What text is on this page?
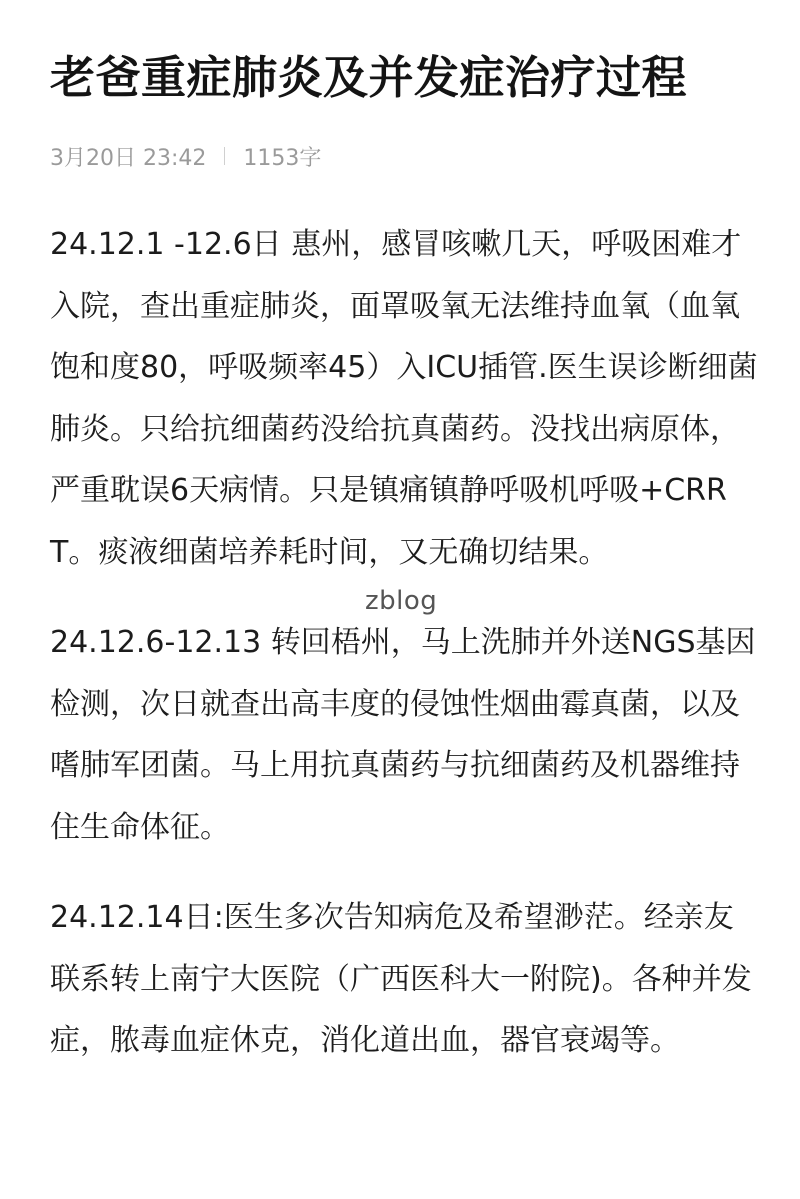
老爸重症肺炎及并发症治疗过程
3月20日 23:42 1153字

24.12.1 -12.6日 惠州，感冒咳嗽几天，呼吸困难才入院，查出重症肺炎，面罩吸氧无法维持血氧（血氧饱和度80，呼吸频率45）入ICU插管.医生误诊断细菌肺炎。只给抗细菌药没给抗真菌药。没找出病原体，严重耽误6天病情。只是镇痛镇静呼吸机呼吸+CRRT。痰液细菌培养耗时间，又无确切结果。

24.12.6-12.13 转回梧州，马上洗肺并外送NGS基因检测，次日就查出高丰度的侵蚀性烟曲霉真菌，以及嗜肺军团菌。马上用抗真菌药与抗细菌药及机器维持住生命体征。

24.12.14日:医生多次告知病危及希望渺茫。经亲友联系转上南宁大医院（广西医科大一附院)。各种并发症，脓毒血症休克，消化道出血，器官衰竭等。

zblog
